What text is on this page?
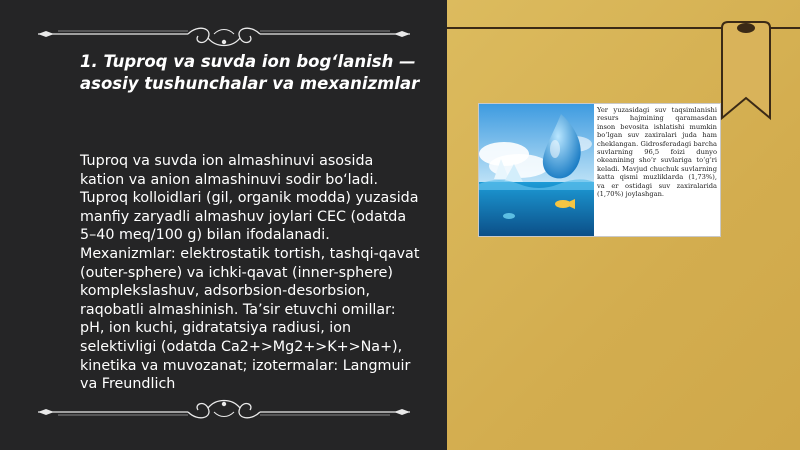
1. Tuproq va suvda ion bog‘lanish — asosiy tushunchalar va mexanizmlar

Tuproq va suvda ion almashinuvi asosida kation va anion almashinuvi sodir bo‘ladi. Tuproq kolloidlari (gil, organik modda) yuzasida manfiy zaryadli almashuv joylari CEC (odatda 5–40 meq/100 g) bilan ifodalanadi. Mexanizmlar: elektrostatik tortish, tashqi-qavat (outer-sphere) va ichki-qavat (inner-sphere) komplekslashuv, adsorbsion-desorbsion, raqobatli almashinish. Ta’sir etuvchi omillar: pH, ion kuchi, gidratatsiya radiusi, ion selektivligi (odatda Ca2+>Mg2+>K+>Na+), kinetika va muvozanat; izotermalar: Langmuir va Freundlich

Yer yuzasidagi suv taqsimlanishi resurs hajmining qaramasdan inson bevosita ishlatishi mumkin bo‘lgan suv zaxiralari juda ham cheklangan. Gidrosferadagi barcha suvlarning 96,5 foizi dunyo okeanining sho‘r suvlariga to‘g‘ri keladi. Mavjud chuchuk suvlarning katta qismi muzliklarda (1,73%), va er ostidagi suv zaxiralarida (1,70%) joylashgan.
